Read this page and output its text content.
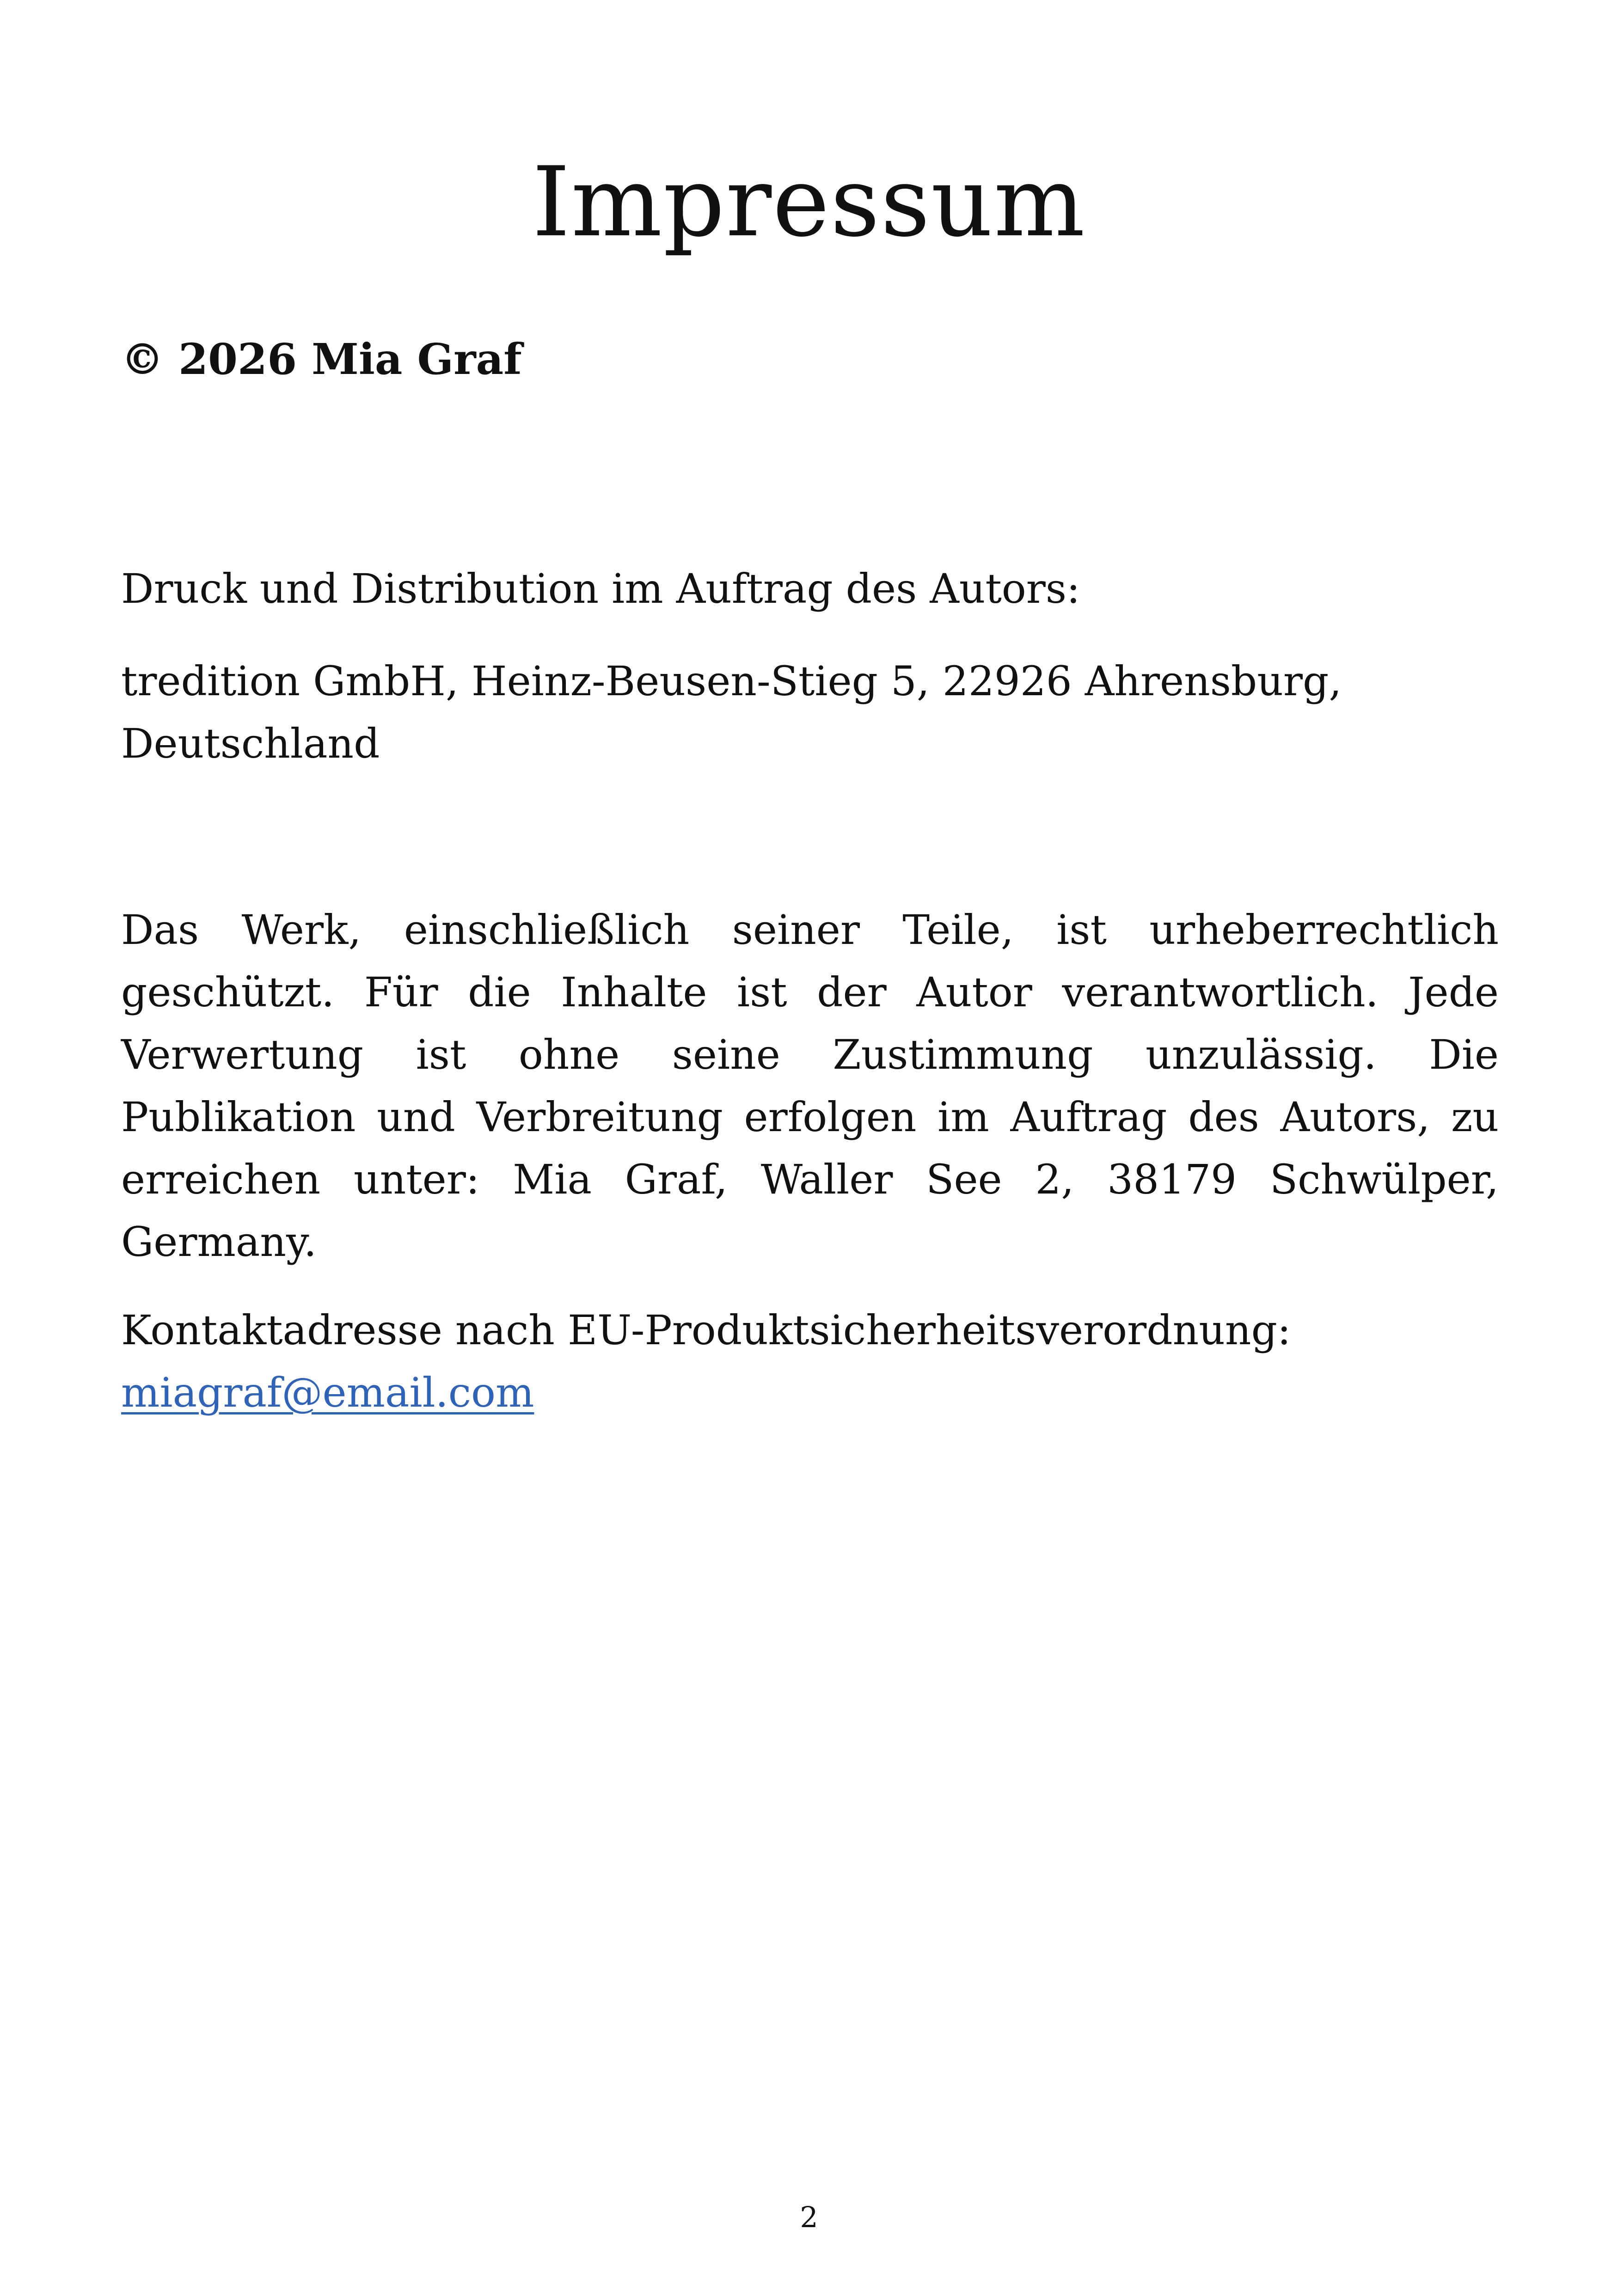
Impressum
© 2026 Mia Graf

Druck und Distribution im Auftrag des Autors:

tredition GmbH, Heinz-Beusen-Stieg 5, 22926 Ahrensburg, Deutschland

Das Werk, einschließlich seiner Teile, ist urheberrechtlich geschützt. Für die Inhalte ist der Autor verantwortlich. Jede Verwertung ist ohne seine Zustimmung unzulässig. Die Publikation und Verbreitung erfolgen im Auftrag des Autors, zu erreichen unter: Mia Graf, Waller See 2, 38179 Schwülper, Germany.

Kontaktadresse nach EU-Produktsicherheitsverordnung:
miagraf@email.com
2
